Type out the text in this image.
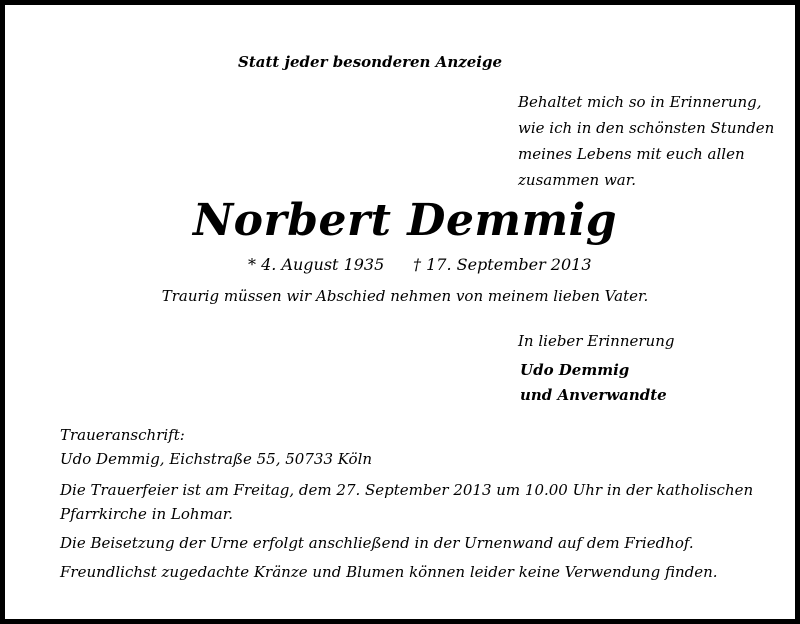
Statt jeder besonderen Anzeige

Behaltet mich so in Erinnerung,
wie ich in den schönsten Stunden
meines Lebens mit euch allen
zusammen war.
Norbert Demmig

* 4. August 1935 † 17. September 2013

Traurig müssen wir Abschied nehmen von meinem lieben Vater.

In lieber Erinnerung

Udo Demmig

und Anverwandte

Traueranschrift:

Udo Demmig, Eichstraße 55, 50733 Köln

Die Trauerfeier ist am Freitag, dem 27. September 2013 um 10.00 Uhr in der katholischen Pfarrkirche in Lohmar.

Die Beisetzung der Urne erfolgt anschließend in der Urnenwand auf dem Friedhof.

Freundlichst zugedachte Kränze und Blumen können leider keine Verwendung finden.
